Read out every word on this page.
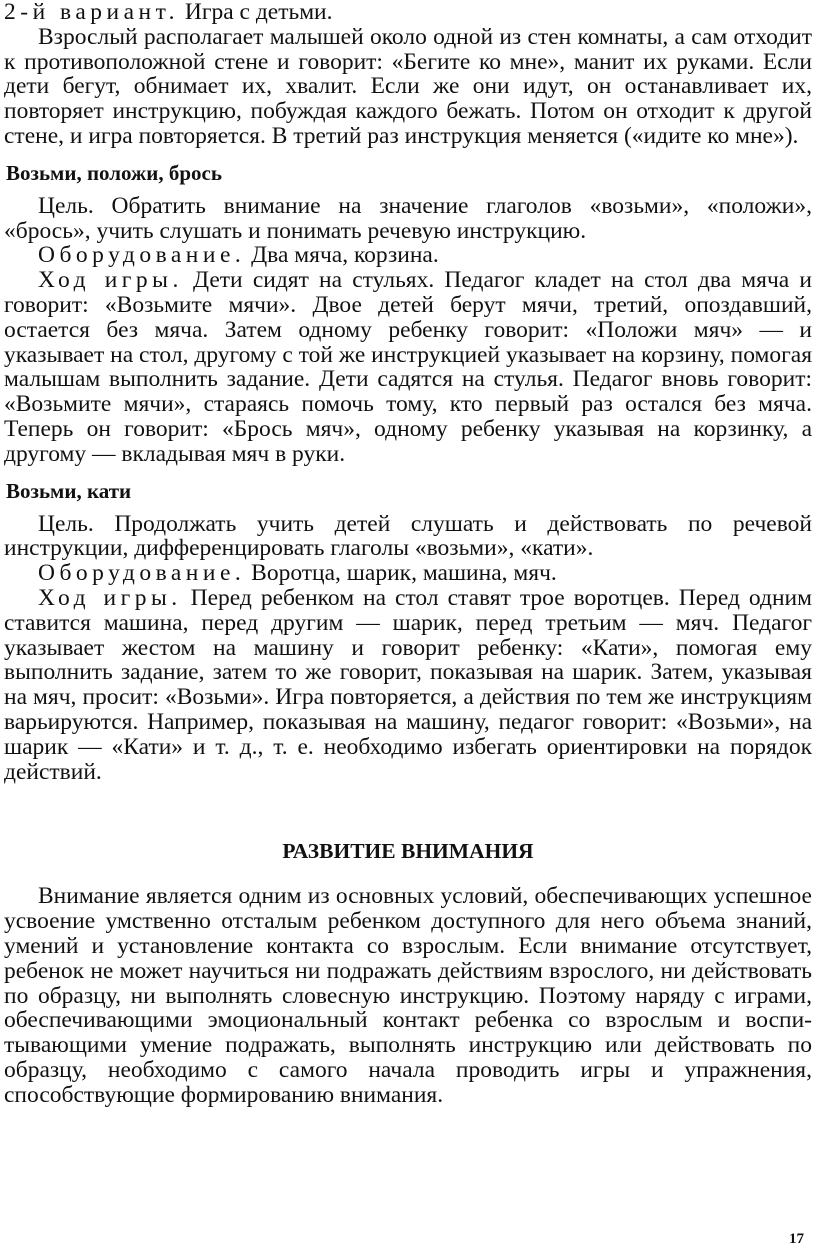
2-й вариант. Игра с детьми.

Взрослый располагает малышей около одной из стен комнаты, а сам отходит к противоположной стене и говорит: «Бегите ко мне», манит их руками. Если дети бегут, обнимает их, хвалит. Если же они идут, он останавливает их, повторяет инструкцию, побуждая каждого бежать. Потом он отходит к другой стене, и игра повторяется. В третий раз инструкция меняется («идите ко мне»).

Возьми, положи, брось

Цель. Обратить внимание на значение глаголов «возьми», «положи», «брось», учить слушать и понимать речевую инструкцию.

Оборудование. Два мяча, корзина.

Ход игры. Дети сидят на стульях. Педагог кладет на стол два мяча и говорит: «Возьмите мячи». Двое детей берут мячи, третий, опоздавший, остается без мяча. Затем одному ребенку говорит: «Положи мяч» — и указывает на стол, другому с той же инструкцией указывает на корзину, помогая малышам выполнить задание. Дети садятся на стулья. Педагог вновь говорит: «Возьмите мячи», стараясь помочь тому, кто первый раз остался без мяча. Теперь он говорит: «Брось мяч», одному ребенку указывая на корзинку, а другому — вкладывая мяч в руки.

Возьми, кати

Цель. Продолжать учить детей слушать и действовать по речевой инструкции, дифференцировать глаголы «возьми», «кати».

Оборудование. Воротца, шарик, машина, мяч.

Ход игры. Перед ребенком на стол ставят трое воротцев. Перед одним ставится машина, перед другим — шарик, перед третьим — мяч. Педагог указывает жестом на машину и говорит ребенку: «Кати», помогая ему выполнить задание, затем то же говорит, показывая на шарик. Затем, указывая на мяч, просит: «Возьми». Игра повторяется, а действия по тем же инструкциям варьируются. Например, показывая на машину, педагог говорит: «Возьми», на шарик — «Кати» и т. д., т. е. необходимо избегать ориентировки на порядок действий.

РАЗВИТИЕ ВНИМАНИЯ

Внимание является одним из основных условий, обеспечивающих успешное усвоение умственно отсталым ребенком доступного для него объема знаний, умений и установление контакта со взрослым. Если внимание отсутствует, ребенок не может научиться ни подражать действиям взрослого, ни действовать по образцу, ни выполнять словесную инструкцию. Поэтому наряду с играми, обеспечивающими эмоциональный контакт ребенка со взрослым и воспитывающими умение подражать, выполнять инструкцию или действовать по образцу, необходимо с самого начала проводить игры и упражнения, способствующие формированию внимания.

17
